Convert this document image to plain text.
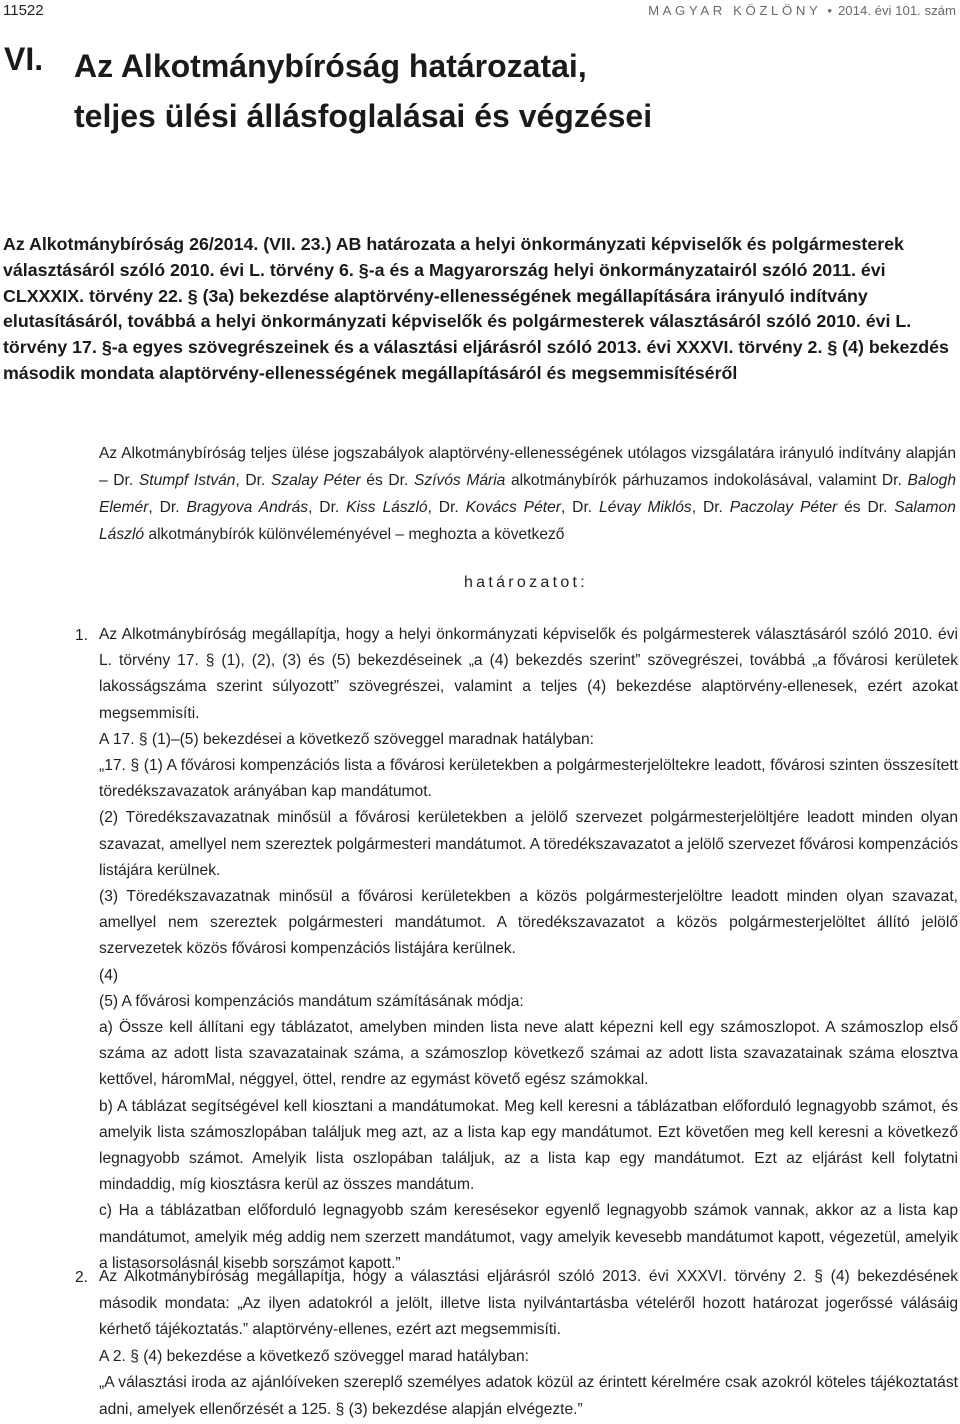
11522	MAGYAR KÖZLÖNY • 2014. évi 101. szám
VI. Az Alkotmánybíróság határozatai,
teljes ülési állásfoglalásai és végzései

Az Alkotmánybíróság 26/2014. (VII. 23.) AB határozata a helyi önkormányzati képviselők és polgármesterek választásáról szóló 2010. évi L. törvény 6. §-a és a Magyarország helyi önkormányzatairól szóló 2011. évi CLXXXIX. törvény 22. § (3a) bekezdése alaptörvény-ellenességének megállapítására irányuló indítvány elutasításáról, továbbá a helyi önkormányzati képviselők és polgármesterek választásáról szóló 2010. évi L. törvény 17. §-a egyes szövegrészeinek és a választási eljárásról szóló 2013. évi XXXVI. törvény 2. § (4) bekezdés második mondata alaptörvény-ellenességének megállapításáról és megsemmisítéséről

Az Alkotmánybíróság teljes ülése jogszabályok alaptörvény-ellenességének utólagos vizsgálatára irányuló indítvány alapján – Dr. Stumpf István, Dr. Szalay Péter és Dr. Szívós Mária alkotmánybírók párhuzamos indokolásával, valamint Dr. Balogh Elemér, Dr. Bragyova András, Dr. Kiss László, Dr. Kovács Péter, Dr. Lévay Miklós, Dr. Paczolay Péter és Dr. Salamon László alkotmánybírók különvéleményével – meghozta a következő

határozatot:
1. Az Alkotmánybíróság megállapítja, hogy a helyi önkormányzati képviselők és polgármesterek választásáról szóló 2010. évi L. törvény 17. § (1), (2), (3) és (5) bekezdéseinek „a (4) bekezdés szerint” szövegrészei, továbbá „a fővárosi kerületek lakosságszáma szerint súlyozott” szövegrészei, valamint a teljes (4) bekezdése alaptörvény-ellenesek, ezért azokat megsemmisíti.

A 17. § (1)–(5) bekezdései a következő szöveggel maradnak hatályban:

„17. § (1) A fővárosi kompenzációs lista a fővárosi kerületekben a polgármesterjelöltekre leadott, fővárosi szinten összesített töredékszavazatok arányában kap mandátumot.

(2) Töredékszavazatnak minősül a fővárosi kerületekben a jelölő szervezet polgármesterjelöltjére leadott minden olyan szavazat, amellyel nem szereztek polgármesteri mandátumot. A töredékszavazatot a jelölő szervezet fővárosi kompenzációs listájára kerülnek.

(3) Töredékszavazatnak minősül a fővárosi kerületekben a közös polgármesterjelöltre leadott minden olyan szavazat, amellyel nem szereztek polgármesteri mandátumot. A töredékszavazatot a közös polgármesterjelöltet állító jelölő szervezetek közös fővárosi kompenzációs listájára kerülnek.

(4)

(5) A fővárosi kompenzációs mandátum számításának módja:

a) Össze kell állítani egy táblázatot, amelyben minden lista neve alatt képezni kell egy számoszlopot. A számoszlop első száma az adott lista szavazatainak száma, a számoszlop következő számai az adott lista szavazatainak száma elosztva kettővel, háromMal, néggyel, öttel, rendre az egymást követő egész számokkal.

b) A táblázat segítségével kell kiosztani a mandátumokat. Meg kell keresni a táblázatban előforduló legnagyobb számot, és amelyik lista számoszlopában találjuk meg azt, az a lista kap egy mandátumot. Ezt követően meg kell keresni a következő legnagyobb számot. Amelyik lista oszlopában találjuk, az a lista kap egy mandátumot. Ezt az eljárást kell folytatni mindaddig, míg kiosztásra kerül az összes mandátum.

c) Ha a táblázatban előforduló legnagyobb szám keresésekor egyenlő legnagyobb számok vannak, akkor az a lista kap mandátumot, amelyik még addig nem szerzett mandátumot, vagy amelyik kevesebb mandátumot kapott, végezetül, amelyik a listasorsolásnál kisebb sorszámot kapott.”

2. Az Alkotmánybíróság megállapítja, hogy a választási eljárásról szóló 2013. évi XXXVI. törvény 2. § (4) bekezdésének második mondata: „Az ilyen adatokról a jelölt, illetve lista nyilvántartásba vételéről hozott határozat jogerőssé válásáig kérhető tájékoztatás.” alaptörvény-ellenes, ezért azt megsemmisíti.

A 2. § (4) bekezdése a következő szöveggel marad hatályban:

„A választási iroda az ajánlóíveken szereplő személyes adatok közül az érintett kérelmére csak azokról köteles tájékoztatást adni, amelyek ellenőrzését a 125. § (3) bekezdése alapján elvégezte.”
